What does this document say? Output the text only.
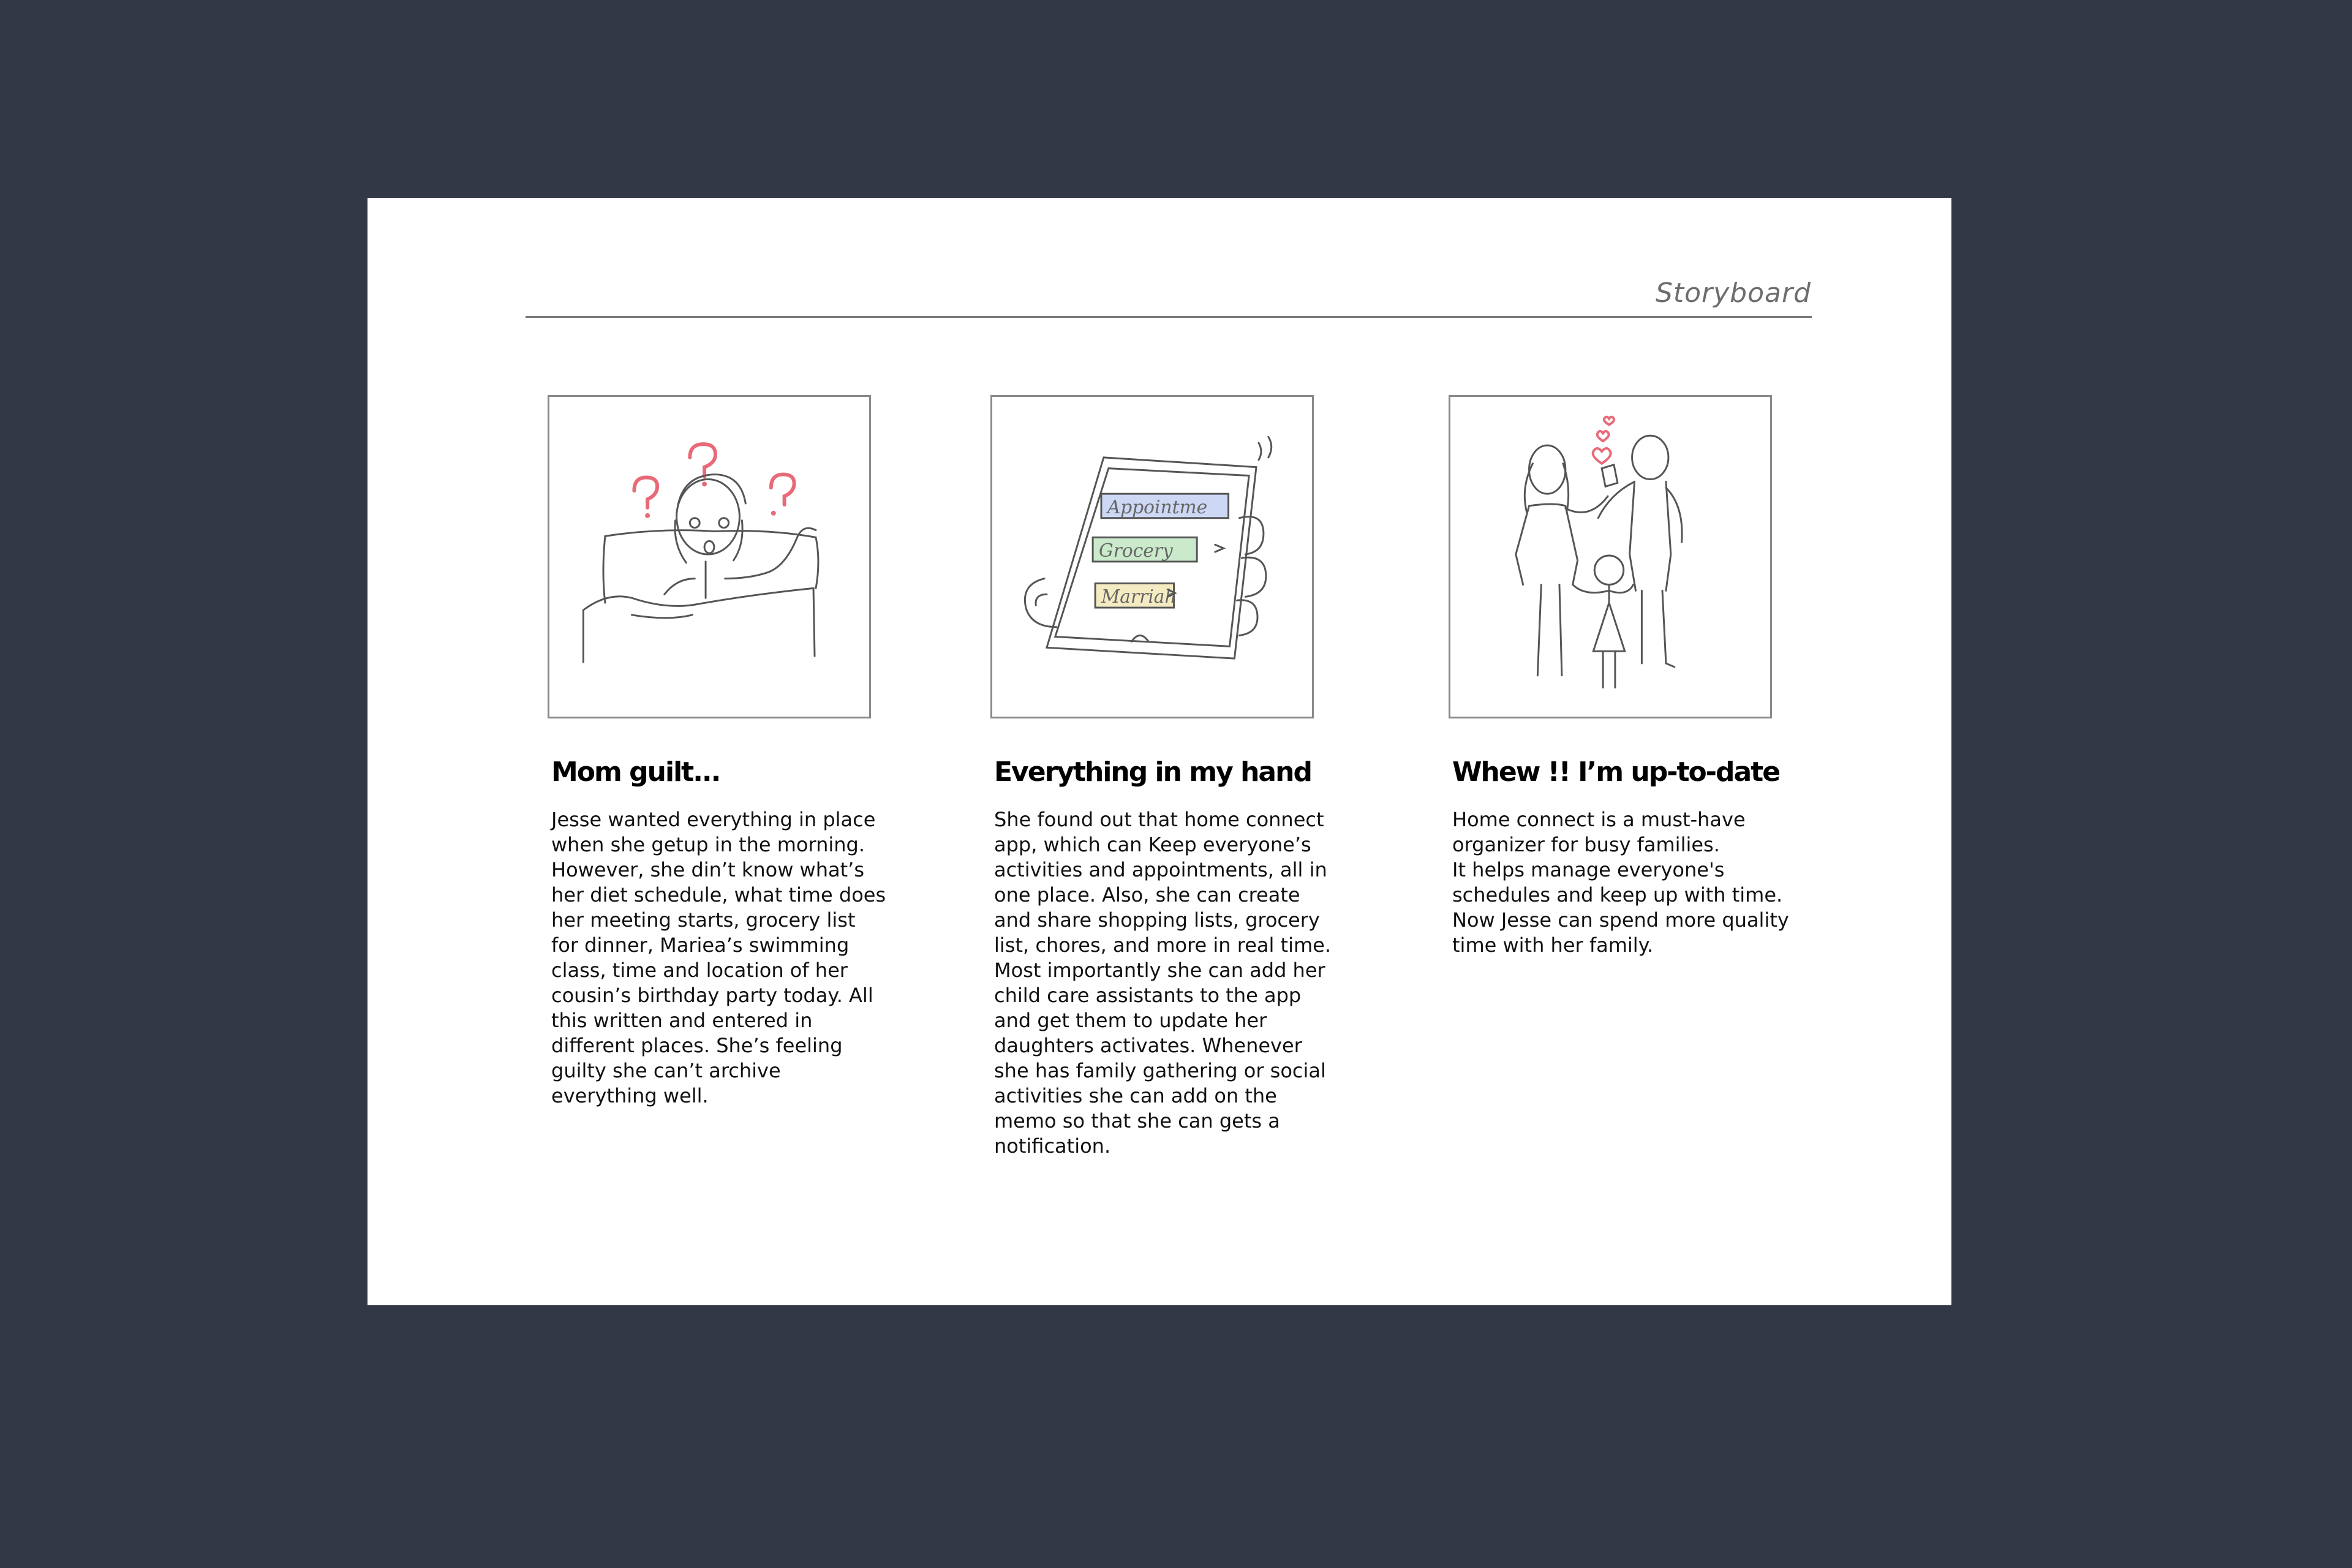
Storyboard
Mom guilt...
Jesse wanted everything in place
when she getup in the morning.
However, she din’t know what’s
her diet schedule, what time does
her meeting starts, grocery list
for dinner, Mariea’s swimming
class, time and location of her
cousin’s birthday party today. All
this written and entered in
different places. She’s feeling
guilty she can’t archive
everything well.
Appointme
Grocery
Marriah
Everything in my hand
She found out that home connect
app, which can Keep everyone’s
activities and appointments, all in
one place. Also, she can create
and share shopping lists, grocery
list, chores, and more in real time.
Most importantly she can add her
child care assistants to the app
and get them to update her
daughters activates. Whenever
she has family gathering or social
activities she can add on the
memo so that she can gets a
notification.
Whew !! I’m up-to-date
Home connect is a must-have
organizer for busy families.
It helps manage everyone's
schedules and keep up with time.
Now Jesse can spend more quality
time with her family.
